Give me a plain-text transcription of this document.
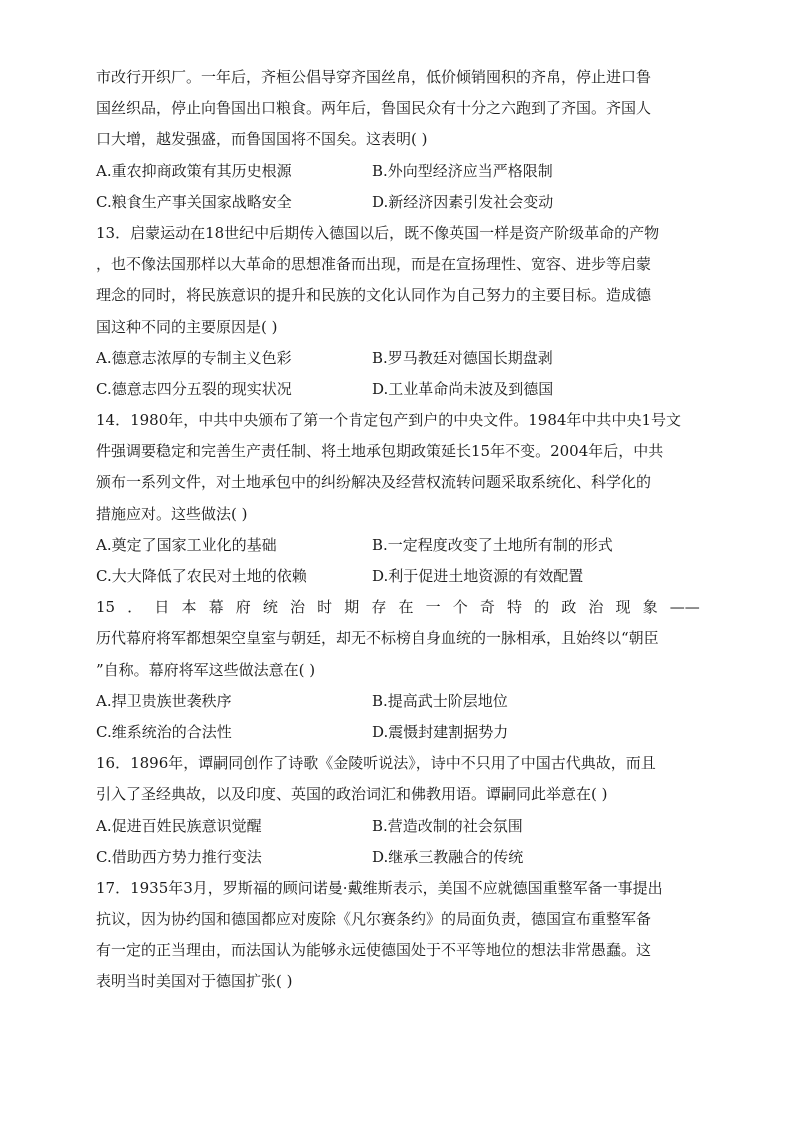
市改行开织厂。一年后，齐桓公倡导穿齐国丝帛，低价倾销囤积的齐帛，停止进口鲁
国丝织品，停止向鲁国出口粮食。两年后，鲁国民众有十分之六跑到了齐国。齐国人
口大增，越发强盛，而鲁国国将不国矣。这表明( )
A.重农抑商政策有其历史根源	B.外向型经济应当严格限制
C.粮食生产事关国家战略安全	D.新经济因素引发社会变动
13．启蒙运动在18世纪中后期传入德国以后，既不像英国一样是资产阶级革命的产物
，也不像法国那样以大革命的思想准备而出现，而是在宣扬理性、宽容、进步等启蒙
理念的同时，将民族意识的提升和民族的文化认同作为自己努力的主要目标。造成德
国这种不同的主要原因是( )
A.德意志浓厚的专制主义色彩	B.罗马教廷对德国长期盘剥
C.德意志四分五裂的现实状况	D.工业革命尚未波及到德国
14．1980年，中共中央颁布了第一个肯定包产到户的中央文件。1984年中共中央1号文
件强调要稳定和完善生产责任制、将土地承包期政策延长15年不变。2004年后，中共
颁布一系列文件，对土地承包中的纠纷解决及经营权流转问题采取系统化、科学化的
措施应对。这些做法( )
A.奠定了国家工业化的基础	B.一定程度改变了土地所有制的形式
C.大大降低了农民对土地的依赖	D.利于促进土地资源的有效配置
15 ． 日 本 幕 府 统 治 时 期 存 在 一 个 奇 特 的 政 治 现 象 ——
历代幕府将军都想架空皇室与朝廷，却无不标榜自身血统的一脉相承，且始终以“朝臣
”自称。幕府将军这些做法意在( )
A.捍卫贵族世袭秩序	B.提高武士阶层地位
C.维系统治的合法性	D.震慑封建割据势力
16．1896年，谭嗣同创作了诗歌《金陵听说法》，诗中不只用了中国古代典故，而且
引入了圣经典故，以及印度、英国的政治词汇和佛教用语。谭嗣同此举意在( )
A.促进百姓民族意识觉醒	B.营造改制的社会氛围
C.借助西方势力推行变法	D.继承三教融合的传统
17．1935年3月，罗斯福的顾问诺曼·戴维斯表示，美国不应就德国重整军备一事提出
抗议，因为协约国和德国都应对废除《凡尔赛条约》的局面负责，德国宣布重整军备
有一定的正当理由，而法国认为能够永远使德国处于不平等地位的想法非常愚蠢。这
表明当时美国对于德国扩张( )
